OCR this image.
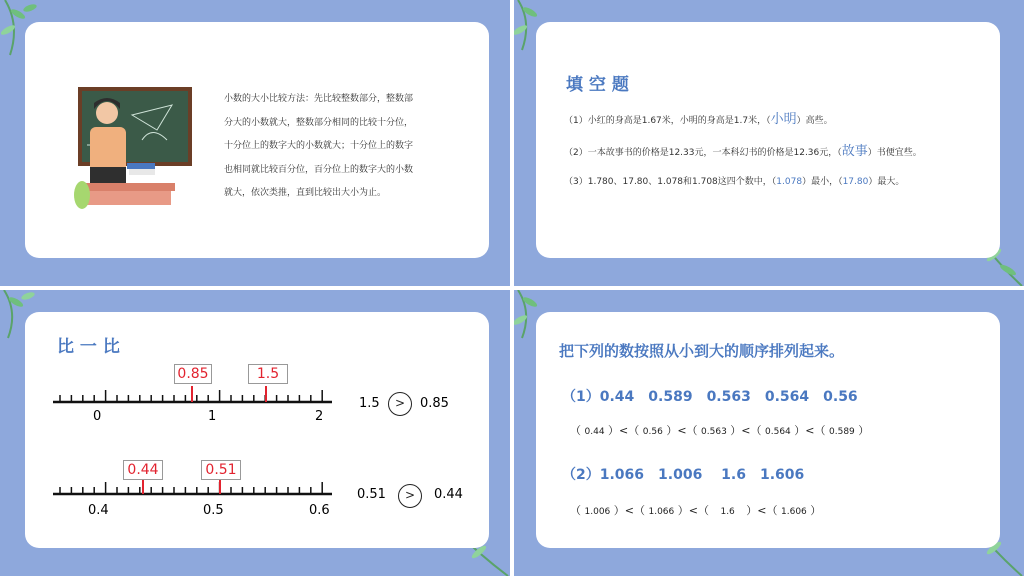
小数的大小比较方法：先比较整数部分，整数部
分大的小数就大，整数部分相同的比较十分位，
十分位上的数字大的小数就大；十分位上的数字
也相同就比较百分位，百分位上的数字大的小数
就大，依次类推，直到比较出大小为止。
填 空 题
（1）小红的身高是1.67米，小明的身高是1.7米，（小明）高些。
（2）一本故事书的价格是12.33元，一本科幻书的价格是12.36元，（故事）书便宜些。
（3）1.780、17.80、1.078和1.708这四个数中，（1.078）最小，（17.80）最大。
比 一 比
0.85	1.5
0	1	2
1.5	>	0.85
0.44	0.51
0.4	0.5	0.6
0.51	>	0.44
把下列的数按照从小到大的顺序排列起来。
（1）0.44　0.589　0.563　0.564　0.56
（ 0.44 ）<（ 0.56 ）<（ 0.563 ）<（ 0.564 ）<（ 0.589 ）
（2）1.066　1.006　 1.6　1.606
（ 1.006 ）<（ 1.066 ）<（ 1.6 ）<（ 1.606 ）
